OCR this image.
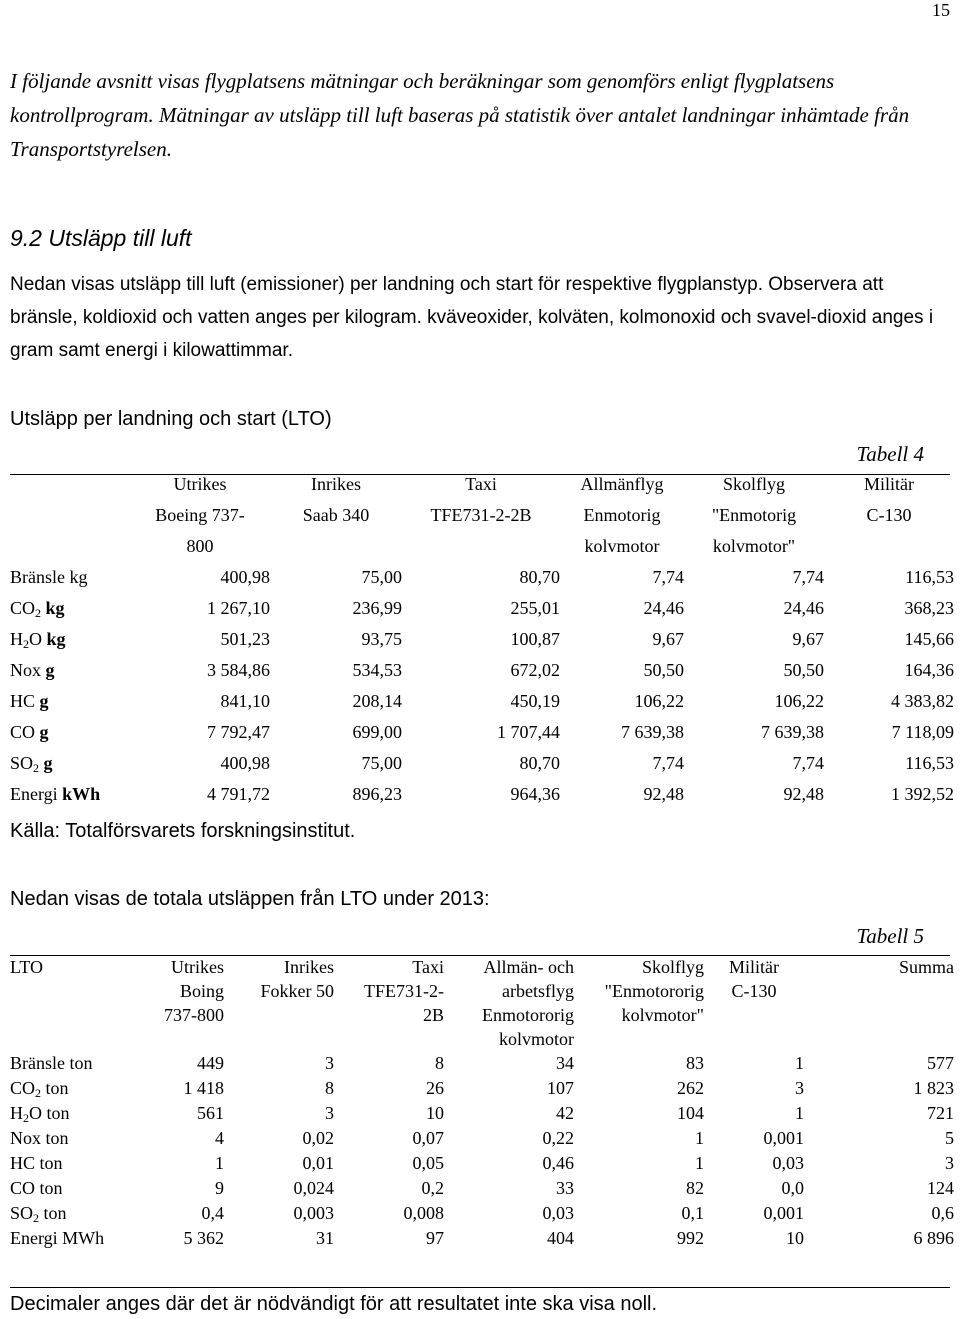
15
I följande avsnitt visas flygplatsens mätningar och beräkningar som genomförs enligt flygplatsens kontrollprogram. Mätningar av utsläpp till luft baseras på statistik över antalet landningar inhämtade från Transportstyrelsen.
9.2 Utsläpp till luft
Nedan visas utsläpp till luft (emissioner) per landning och start för respektive flygplanstyp. Observera att bränsle, koldioxid och vatten anges per kilogram. kväveoxider, kolväten, kolmonoxid och svavel-dioxid anges i gram samt energi i kilowattimmar.
Utsläpp per landning och start (LTO)
Tabell 4
	Utrikes	Inrikes	Taxi	Allmänflyg	Skolflyg	Militär
	Boeing 737-	Saab 340	TFE731-2-2B	Enmotorig	"Enmotorig	C-130
	800			kolvmotor	kolvmotor"	
Bränsle kg	400,98	75,00	80,70	7,74	7,74	116,53
$CO_2$ kg	1 267,10	236,99	255,01	24,46	24,46	368,23
$H_2O$ kg	501,23	93,75	100,87	9,67	9,67	145,66
Nox g	3 584,86	534,53	672,02	50,50	50,50	164,36
HC g	841,10	208,14	450,19	106,22	106,22	4 383,82
CO g	7 792,47	699,00	1 707,44	7 639,38	7 639,38	7 118,09
$SO_2$ g	400,98	75,00	80,70	7,74	7,74	116,53
Energi kWh	4 791,72	896,23	964,36	92,48	92,48	1 392,52
Källa: Totalförsvarets forskningsinstitut.
Nedan visas de totala utsläppen från LTO under 2013:
Tabell 5
LTO	Utrikes	Inrikes	Taxi	Allmän- och	Skolflyg	Militär	Summa
	Boing	Fokker 50	TFE731-2-	arbetsflyg	"Enmotororig	C-130	
	737-800		2B	Enmotororig	kolvmotor"		
				kolvmotor			
Bränsle ton	449	3	8	34	83	1	577
$CO_2$ ton	1 418	8	26	107	262	3	1 823
$H_2O$ ton	561	3	10	42	104	1	721
Nox ton	4	0,02	0,07	0,22	1	0,001	5
HC ton	1	0,01	0,05	0,46	1	0,03	3
CO ton	9	0,024	0,2	33	82	0,0	124
$SO_2$ ton	0,4	0,003	0,008	0,03	0,1	0,001	0,6
Energi MWh	5 362	31	97	404	992	10	6 896
Decimaler anges där det är nödvändigt för att resultatet inte ska visa noll.
